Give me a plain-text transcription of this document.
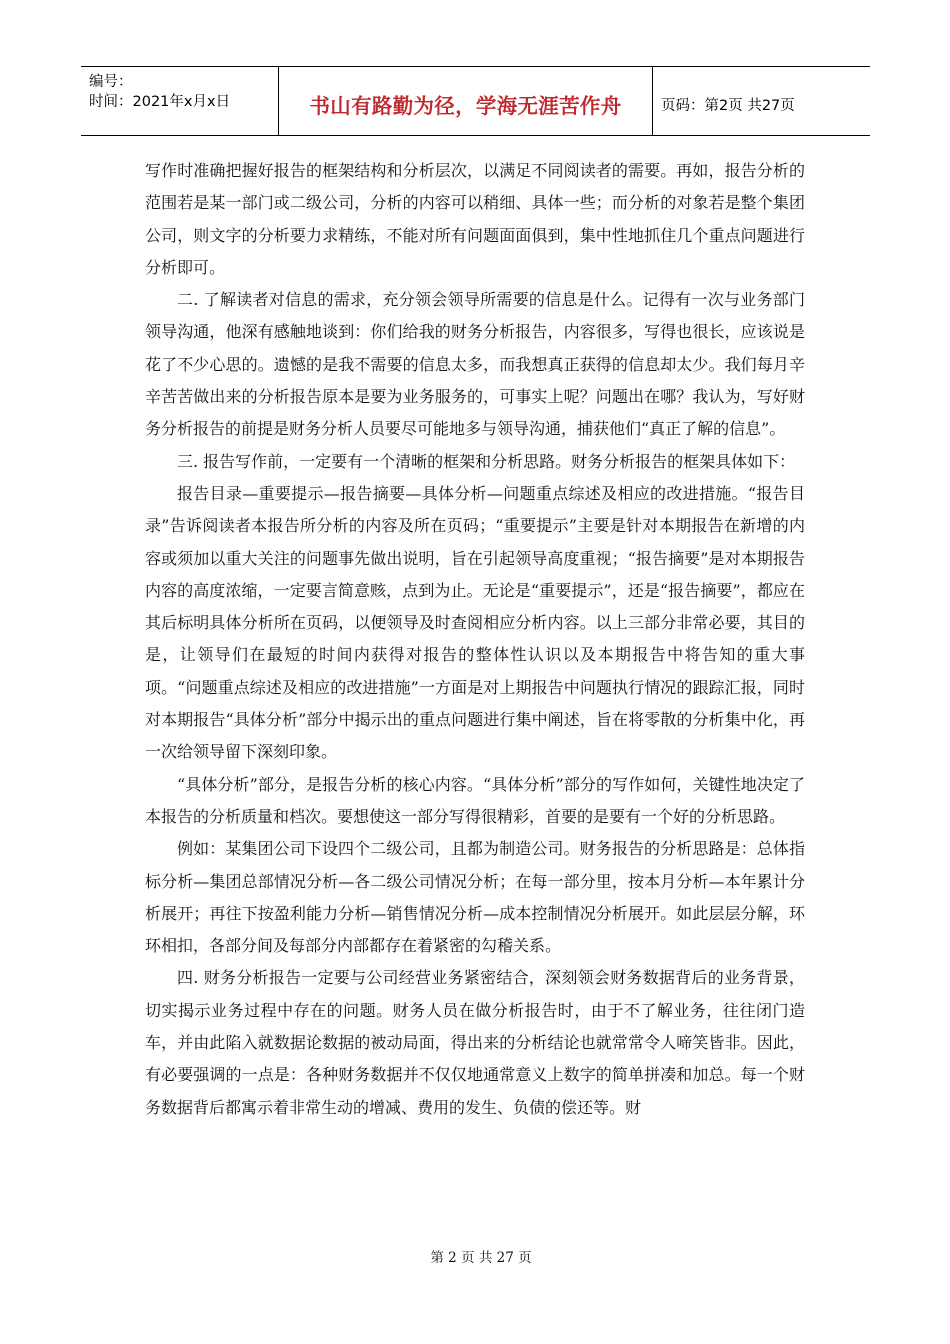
编号：
时间：2021年x月x日	书山有路勤为径，学海无涯苦作舟	页码：第2页 共27页

写作时准确把握好报告的框架结构和分析层次，以满足不同阅读者的需要。再如，报告分析的范围若是某一部门或二级公司，分析的内容可以稍细、具体一些；而分析的对象若是整个集团公司，则文字的分析要力求精练，不能对所有问题面面俱到，集中性地抓住几个重点问题进行分析即可。

二. 了解读者对信息的需求，充分领会领导所需要的信息是什么。记得有一次与业务部门领导沟通，他深有感触地谈到：你们给我的财务分析报告，内容很多，写得也很长，应该说是花了不少心思的。遗憾的是我不需要的信息太多，而我想真正获得的信息却太少。我们每月辛辛苦苦做出来的分析报告原本是要为业务服务的，可事实上呢？问题出在哪？我认为，写好财务分析报告的前提是财务分析人员要尽可能地多与领导沟通，捕获他们“真正了解的信息”。

三. 报告写作前，一定要有一个清晰的框架和分析思路。财务分析报告的框架具体如下：

报告目录—重要提示—报告摘要—具体分析—问题重点综述及相应的改进措施。“报告目录”告诉阅读者本报告所分析的内容及所在页码；“重要提示”主要是针对本期报告在新增的内容或须加以重大关注的问题事先做出说明，旨在引起领导高度重视；“报告摘要”是对本期报告内容的高度浓缩，一定要言简意赅，点到为止。无论是“重要提示”，还是“报告摘要”，都应在其后标明具体分析所在页码，以便领导及时查阅相应分析内容。以上三部分非常必要，其目的是，让领导们在最短的时间内获得对报告的整体性认识以及本期报告中将告知的重大事项。“问题重点综述及相应的改进措施”一方面是对上期报告中问题执行情况的跟踪汇报，同时对本期报告“具体分析”部分中揭示出的重点问题进行集中阐述，旨在将零散的分析集中化，再一次给领导留下深刻印象。

“具体分析”部分，是报告分析的核心内容。“具体分析”部分的写作如何，关键性地决定了本报告的分析质量和档次。要想使这一部分写得很精彩，首要的是要有一个好的分析思路。

例如：某集团公司下设四个二级公司，且都为制造公司。财务报告的分析思路是：总体指标分析—集团总部情况分析—各二级公司情况分析；在每一部分里，按本月分析—本年累计分析展开；再往下按盈利能力分析—销售情况分析—成本控制情况分析展开。如此层层分解，环环相扣，各部分间及每部分内部都存在着紧密的勾稽关系。

四. 财务分析报告一定要与公司经营业务紧密结合，深刻领会财务数据背后的业务背景，切实揭示业务过程中存在的问题。财务人员在做分析报告时，由于不了解业务，往往闭门造车，并由此陷入就数据论数据的被动局面，得出来的分析结论也就常常令人啼笑皆非。因此，有必要强调的一点是：各种财务数据并不仅仅地通常意义上数字的简单拼凑和加总。每一个财务数据背后都寓示着非常生动的增减、费用的发生、负债的偿还等。财

第 2 页 共 27 页
